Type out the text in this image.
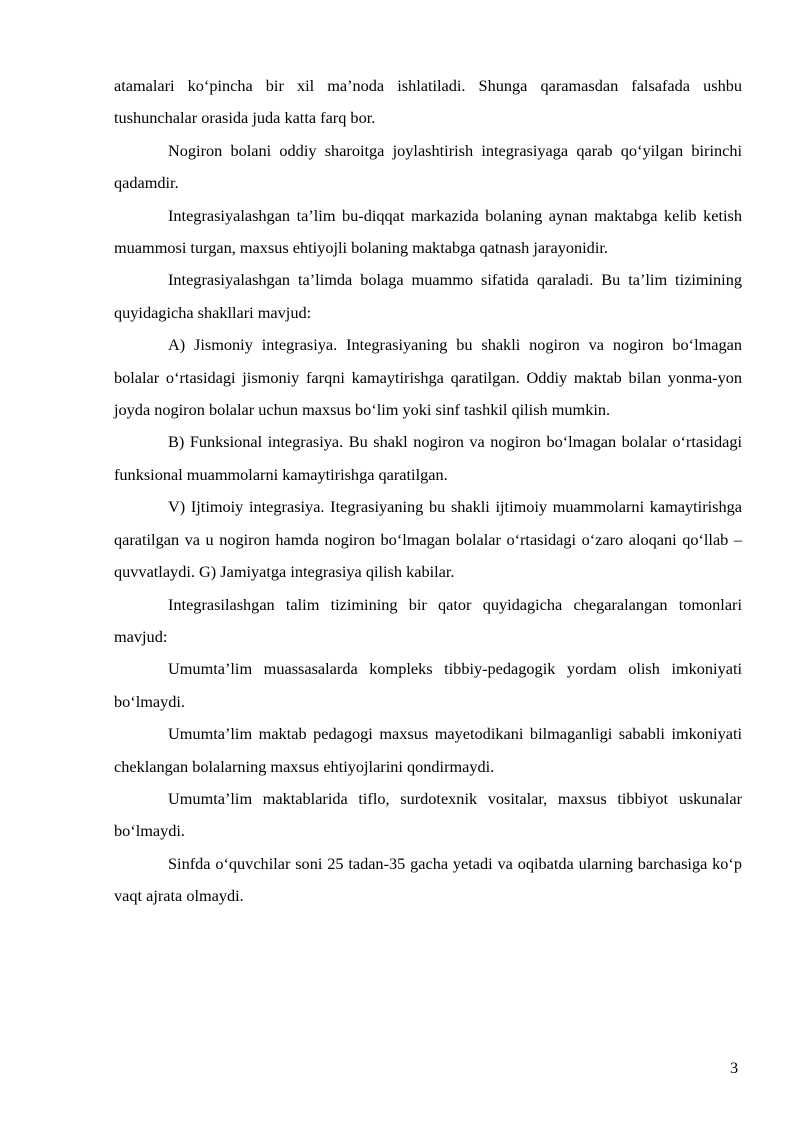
atamalari koʻpincha bir xil maʼnoda ishlatiladi. Shunga qaramasdan falsafada ushbu tushunchalar orasida juda katta farq bor.

Nogiron bolani oddiy sharoitga joylashtirish integrasiyaga qarab qoʻyilgan birinchi qadamdir.

Integrasiyalashgan taʼlim bu-diqqat markazida bolaning aynan maktabga kelib ketish muammosi turgan, maxsus ehtiyojli bolaning maktabga qatnash jarayonidir.

Integrasiyalashgan taʼlimda bolaga muammo sifatida qaraladi. Bu taʼlim tizimining quyidagicha shakllari mavjud:

A) Jismoniy integrasiya. Integrasiyaning bu shakli nogiron va nogiron boʻlmagan bolalar oʻrtasidagi jismoniy farqni kamaytirishga qaratilgan. Oddiy maktab bilan yonma-yon joyda nogiron bolalar uchun maxsus boʻlim yoki sinf tashkil qilish mumkin.

B) Funksional integrasiya. Bu shakl nogiron va nogiron boʻlmagan bolalar oʻrtasidagi funksional muammolarni kamaytirishga qaratilgan.

V) Ijtimoiy integrasiya. Itegrasiyaning bu shakli ijtimoiy muammolarni kamaytirishga qaratilgan va u nogiron hamda nogiron boʻlmagan bolalar oʻrtasidagi oʻzaro aloqani qoʻllab – quvvatlaydi. G) Jamiyatga integrasiya qilish kabilar.

Integrasilashgan talim tizimining bir qator quyidagicha chegaralangan tomonlari mavjud:

Umumtaʼlim muassasalarda kompleks tibbiy-pedagogik yordam olish imkoniyati boʻlmaydi.

Umumtaʼlim maktab pedagogi maxsus mayetodikani bilmaganligi sababli imkoniyati cheklangan bolalarning maxsus ehtiyojlarini qondirmaydi.

Umumtaʼlim maktablarida tiflo, surdotexnik vositalar, maxsus tibbiyot uskunalar boʻlmaydi.

Sinfda oʻquvchilar soni 25 tadan-35 gacha yetadi va oqibatda ularning barchasiga koʻp vaqt ajrata olmaydi.

3
